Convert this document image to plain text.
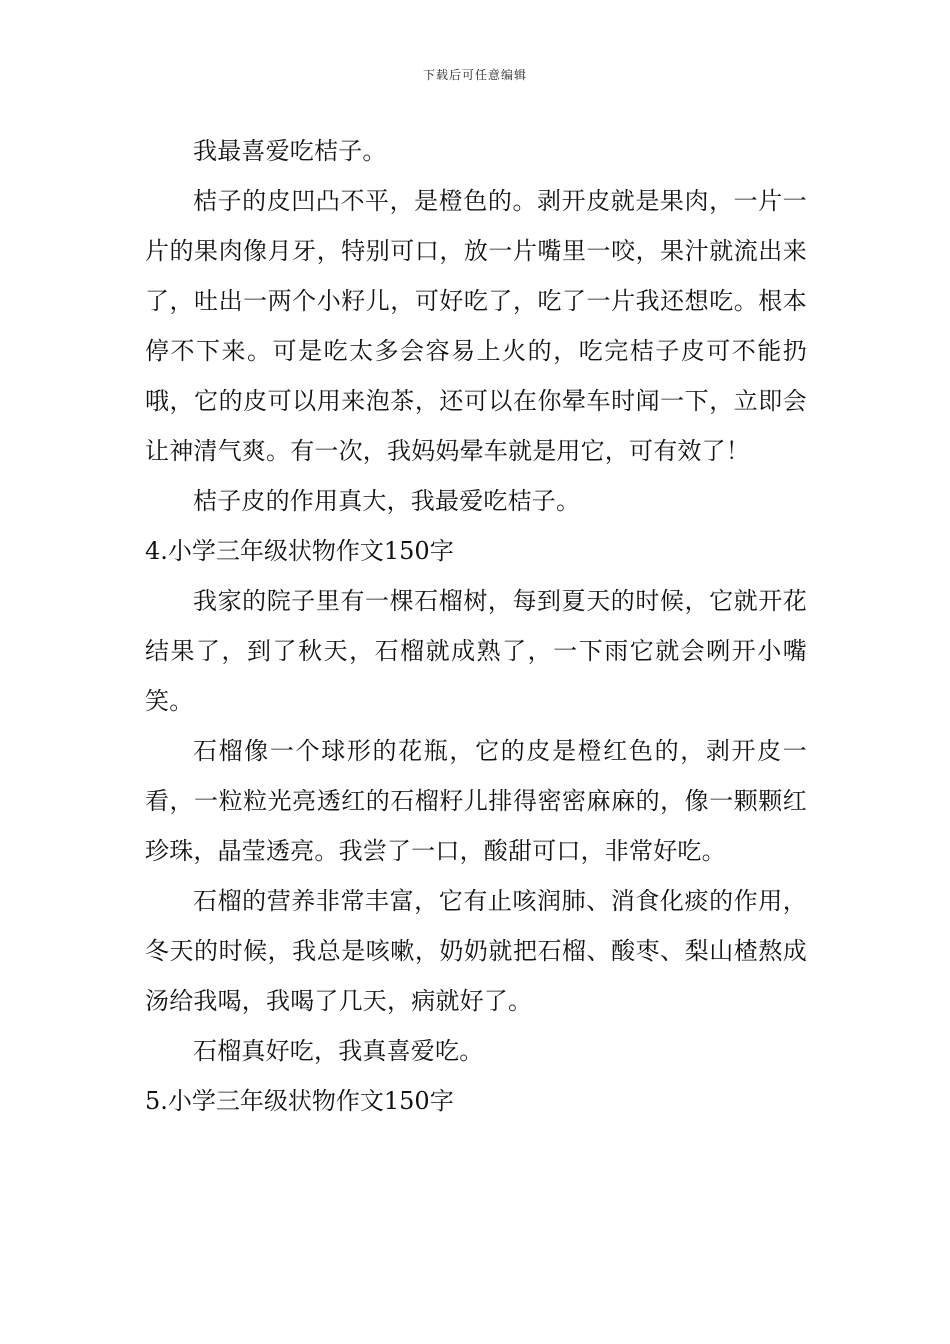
下载后可任意编辑

我最喜爱吃桔子。

桔子的皮凹凸不平，是橙色的。剥开皮就是果肉，一片一片的果肉像月牙，特别可口，放一片嘴里一咬，果汁就流出来了，吐出一两个小籽儿，可好吃了，吃了一片我还想吃。根本停不下来。可是吃太多会容易上火的，吃完桔子皮可不能扔哦，它的皮可以用来泡茶，还可以在你晕车时闻一下，立即会让神清气爽。有一次，我妈妈晕车就是用它，可有效了！

桔子皮的作用真大，我最爱吃桔子。

4.小学三年级状物作文150字

我家的院子里有一棵石榴树，每到夏天的时候，它就开花结果了，到了秋天，石榴就成熟了，一下雨它就会咧开小嘴笑。

石榴像一个球形的花瓶，它的皮是橙红色的，剥开皮一看，一粒粒光亮透红的石榴籽儿排得密密麻麻的，像一颗颗红珍珠，晶莹透亮。我尝了一口，酸甜可口，非常好吃。

石榴的营养非常丰富，它有止咳润肺、消食化痰的作用，冬天的时候，我总是咳嗽，奶奶就把石榴、酸枣、梨山楂熬成汤给我喝，我喝了几天，病就好了。

石榴真好吃，我真喜爱吃。

5.小学三年级状物作文150字
